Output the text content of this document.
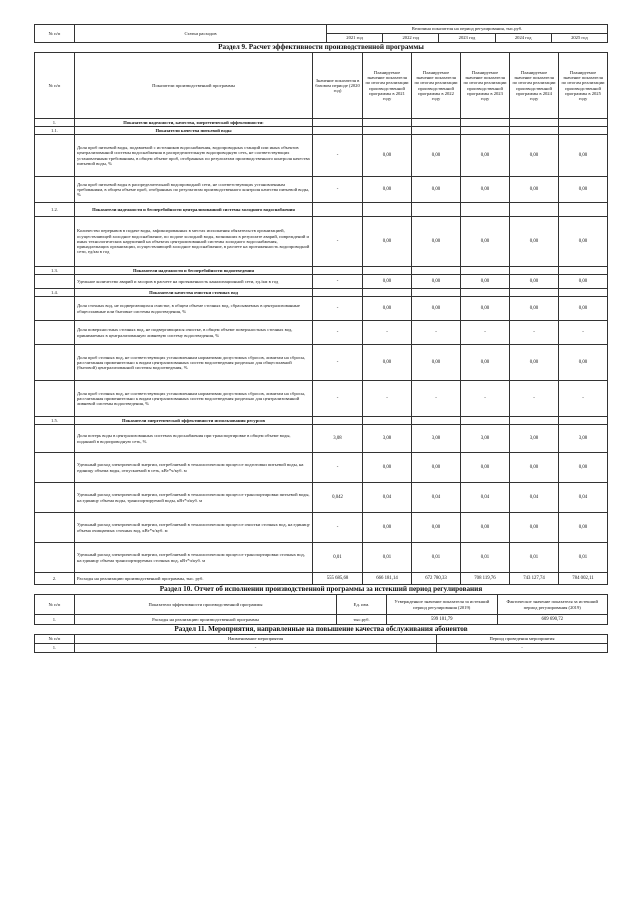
№ п/п	Статьи расходов	Величина показателя на период регулирования, тыс.руб.				
		2021 год	2022 год	2023 год	2024 год	2025 год

Раздел 9. Расчет эффективности производственной программы

№ п/п	Показатели производственной программы	Значение показателя в базовом периоде (2020 год)	Планируемое значение показателя по итогам реализации производственной программы в 2021 году	Планируемое значение показателя по итогам реализации производственной программы в 2022 году	Планируемое значение показателя по итогам реализации производственной программы в 2023 году	Планируемое значение показателя по итогам реализации производственной программы в 2024 году	Планируемое значение показателя по итогам реализации производственной программы в 2025 году
1.	Показатели надежности, качества, энергетической эффективности:						
1.1.	Показатели качества питьевой воды						
	Доля проб питьевой воды, подаваемой с источников водоснабжения, водопроводных станций или иных объектов централизованной системы водоснабжения в распределительную водопроводную сеть, не соответствующих установленным требованиям, в общем объеме проб, отобранных по результатам производственного контроля качества питьевой воды, %	-	0,00	0,00	0,00	0,00	0,00
	Доля проб питьевой воды в распределительной водопроводной сети, не соответствующих установленным требованиям, в общем объеме проб, отобранных по результатам производственного контроля качества питьевой воды, %	-	0,00	0,00	0,00	0,00	0,00
1.2.	Показатели надежности и бесперебойности централизованной системы холодного водоснабжения						
	Количество перерывов в подаче воды, зафиксированных в местах исполнения обязательств организацией, осуществляющей холодное водоснабжение, по подаче холодной воды, возникших в результате аварий, повреждений и иных технологических нарушений на объектах централизованной системы холодного водоснабжения, принадлежащих организации, осуществляющей холодное водоснабжение, в расчете на протяженность водопроводной сети, ед/км в год	-	0,00	0,00	0,00	0,00	0,00
1.3.	Показатели надежности и бесперебойности водоотведения						
	Удельное количество аварий и засоров в расчете на протяженность канализационной сети, ед./км в год	-	0,00	0,00	0,00	0,00	0,00
1.4.	Показатели качества очистки сточных вод						
	Доля сточных вод, не подвергающихся очистке, в общем объеме сточных вод, сбрасываемых в централизованные общесплавные или бытовые системы водоотведения, %	-	0,00	0,00	0,00	0,00	0,00
	Доля поверхностных сточных вод, не подвергающихся очистке, в общем объеме поверхностных сточных вод, принимаемых в централизованную ливневую систему водоотведения, %	-	-	-	-	-	-
	Доля проб сточных вод, не соответствующих установленным нормативам допустимых сбросов, лимитам на сбросы, рассчитанная применительно к видам централизованных систем водоотведения раздельно для общесплавной (бытовой) централизованной системы водоотведения, %	-	0,00	0,00	0,00	0,00	0,00
	Доля проб сточных вод, не соответствующих установленным нормативам допустимых сбросов, лимитам на сбросы, рассчитанная применительно к видам централизованных систем водоотведения раздельно для централизованной ливневой системы водоотведения, %	-	-	-	-	-	-
1.5.	Показатели энергетической эффективности использования ресурсов						
	Доля потерь воды в централизованных системах водоснабжения при транспортировке в общем объеме воды, поданной в водопроводную сеть, %	3,08	3,08	3,08	3,08	3,08	3,08
	Удельный расход электрической энергии, потребляемой в технологическом процессе подготовки питьевой воды, на единицу объема воды, отпускаемой в сеть, кВт*ч/куб. м	-	0,00	0,00	0,00	0,00	0,00
	Удельный расход электрической энергии, потребляемой в технологическом процессе транспортировки питьевой воды, на единицу объема воды, транспортируемой воды, кВт*ч/куб. м	0,042	0,04	0,04	0,04	0,04	0,04
	Удельный расход электрической энергии, потребляемой в технологическом процессе очистки сточных вод, на единицу объема очищаемых сточных вод, кВт*ч/куб. м	-	0,00	0,00	0,00	0,00	0,00
	Удельный расход электрической энергии, потребляемой в технологическом процессе транспортировки сточных вод, на единицу объема транспортируемых сточных вод, кВт*ч/куб. м	0,01	0,01	0,01	0,01	0,01	0,01
2.	Расходы на реализацию производственной программы, тыс. руб.	555 685,68	666 181,14	672 780,33	708 119,76	743 127,74	784 002,11

Раздел 10. Отчет об исполнении производственной программы за истекший период регулирования

№ п/п	Показатели эффективности производственной программы	Ед. изм.	Утвержденное значение показателя за истекший период регулирования (2019)	Фактическое значение показателя за истекший период регулирования (2019)
1.	Расходы на реализацию производственной программы	тыс.руб.	599 101,79	609 690,72

Раздел 11. Мероприятия, направленные на повышение качества обслуживания абонентов

№ п/п	Наименование мероприятия	Период проведения мероприятия
1.	-	-
